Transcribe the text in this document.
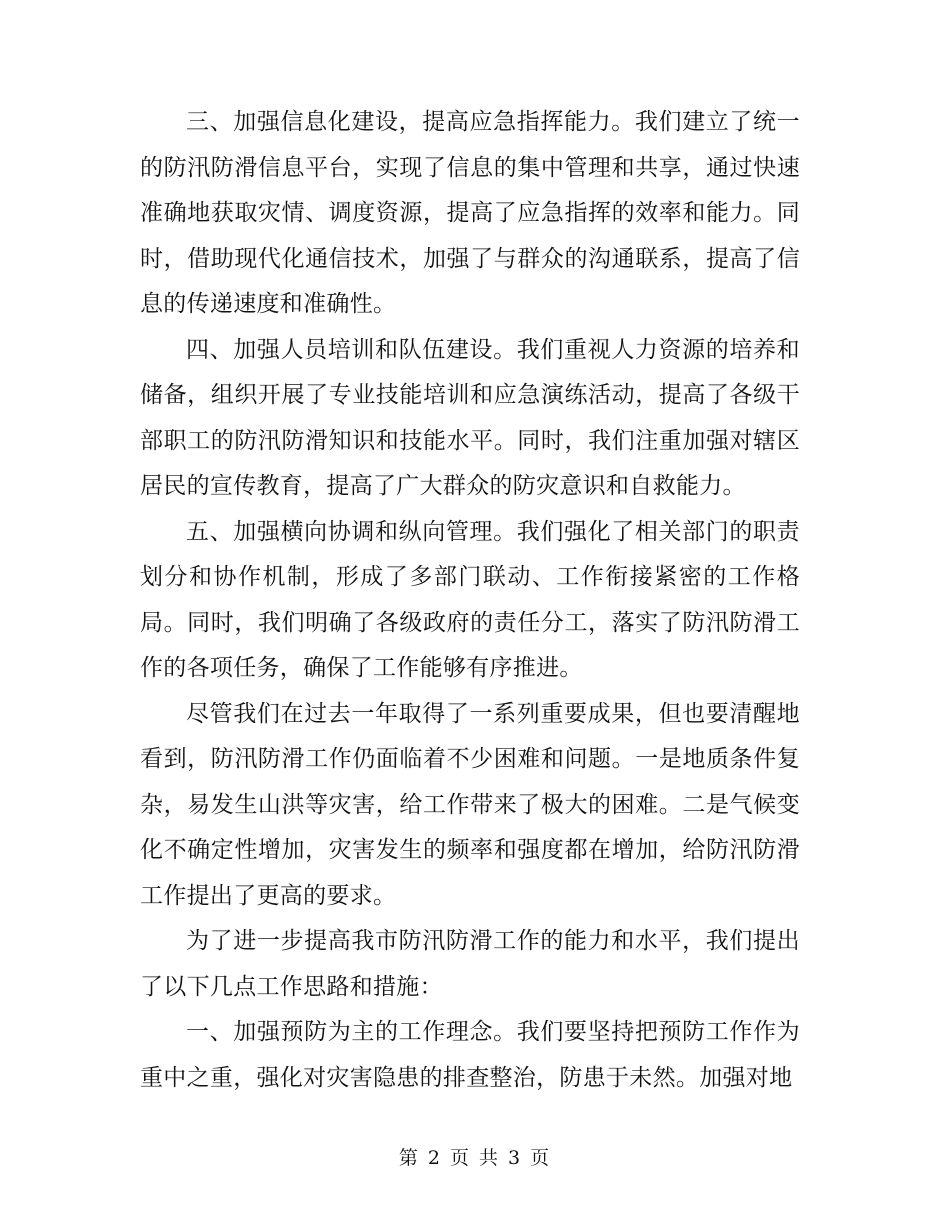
三、加强信息化建设，提高应急指挥能力。我们建立了统一的防汛防滑信息平台，实现了信息的集中管理和共享，通过快速准确地获取灾情、调度资源，提高了应急指挥的效率和能力。同时，借助现代化通信技术，加强了与群众的沟通联系，提高了信息的传递速度和准确性。

四、加强人员培训和队伍建设。我们重视人力资源的培养和储备，组织开展了专业技能培训和应急演练活动，提高了各级干部职工的防汛防滑知识和技能水平。同时，我们注重加强对辖区居民的宣传教育，提高了广大群众的防灾意识和自救能力。

五、加强横向协调和纵向管理。我们强化了相关部门的职责划分和协作机制，形成了多部门联动、工作衔接紧密的工作格局。同时，我们明确了各级政府的责任分工，落实了防汛防滑工作的各项任务，确保了工作能够有序推进。

尽管我们在过去一年取得了一系列重要成果，但也要清醒地看到，防汛防滑工作仍面临着不少困难和问题。一是地质条件复杂，易发生山洪等灾害，给工作带来了极大的困难。二是气候变化不确定性增加，灾害发生的频率和强度都在增加，给防汛防滑工作提出了更高的要求。

为了进一步提高我市防汛防滑工作的能力和水平，我们提出了以下几点工作思路和措施：

一、加强预防为主的工作理念。我们要坚持把预防工作作为重中之重，强化对灾害隐患的排查整治，防患于未然。加强对地

第 2 页 共 3 页
